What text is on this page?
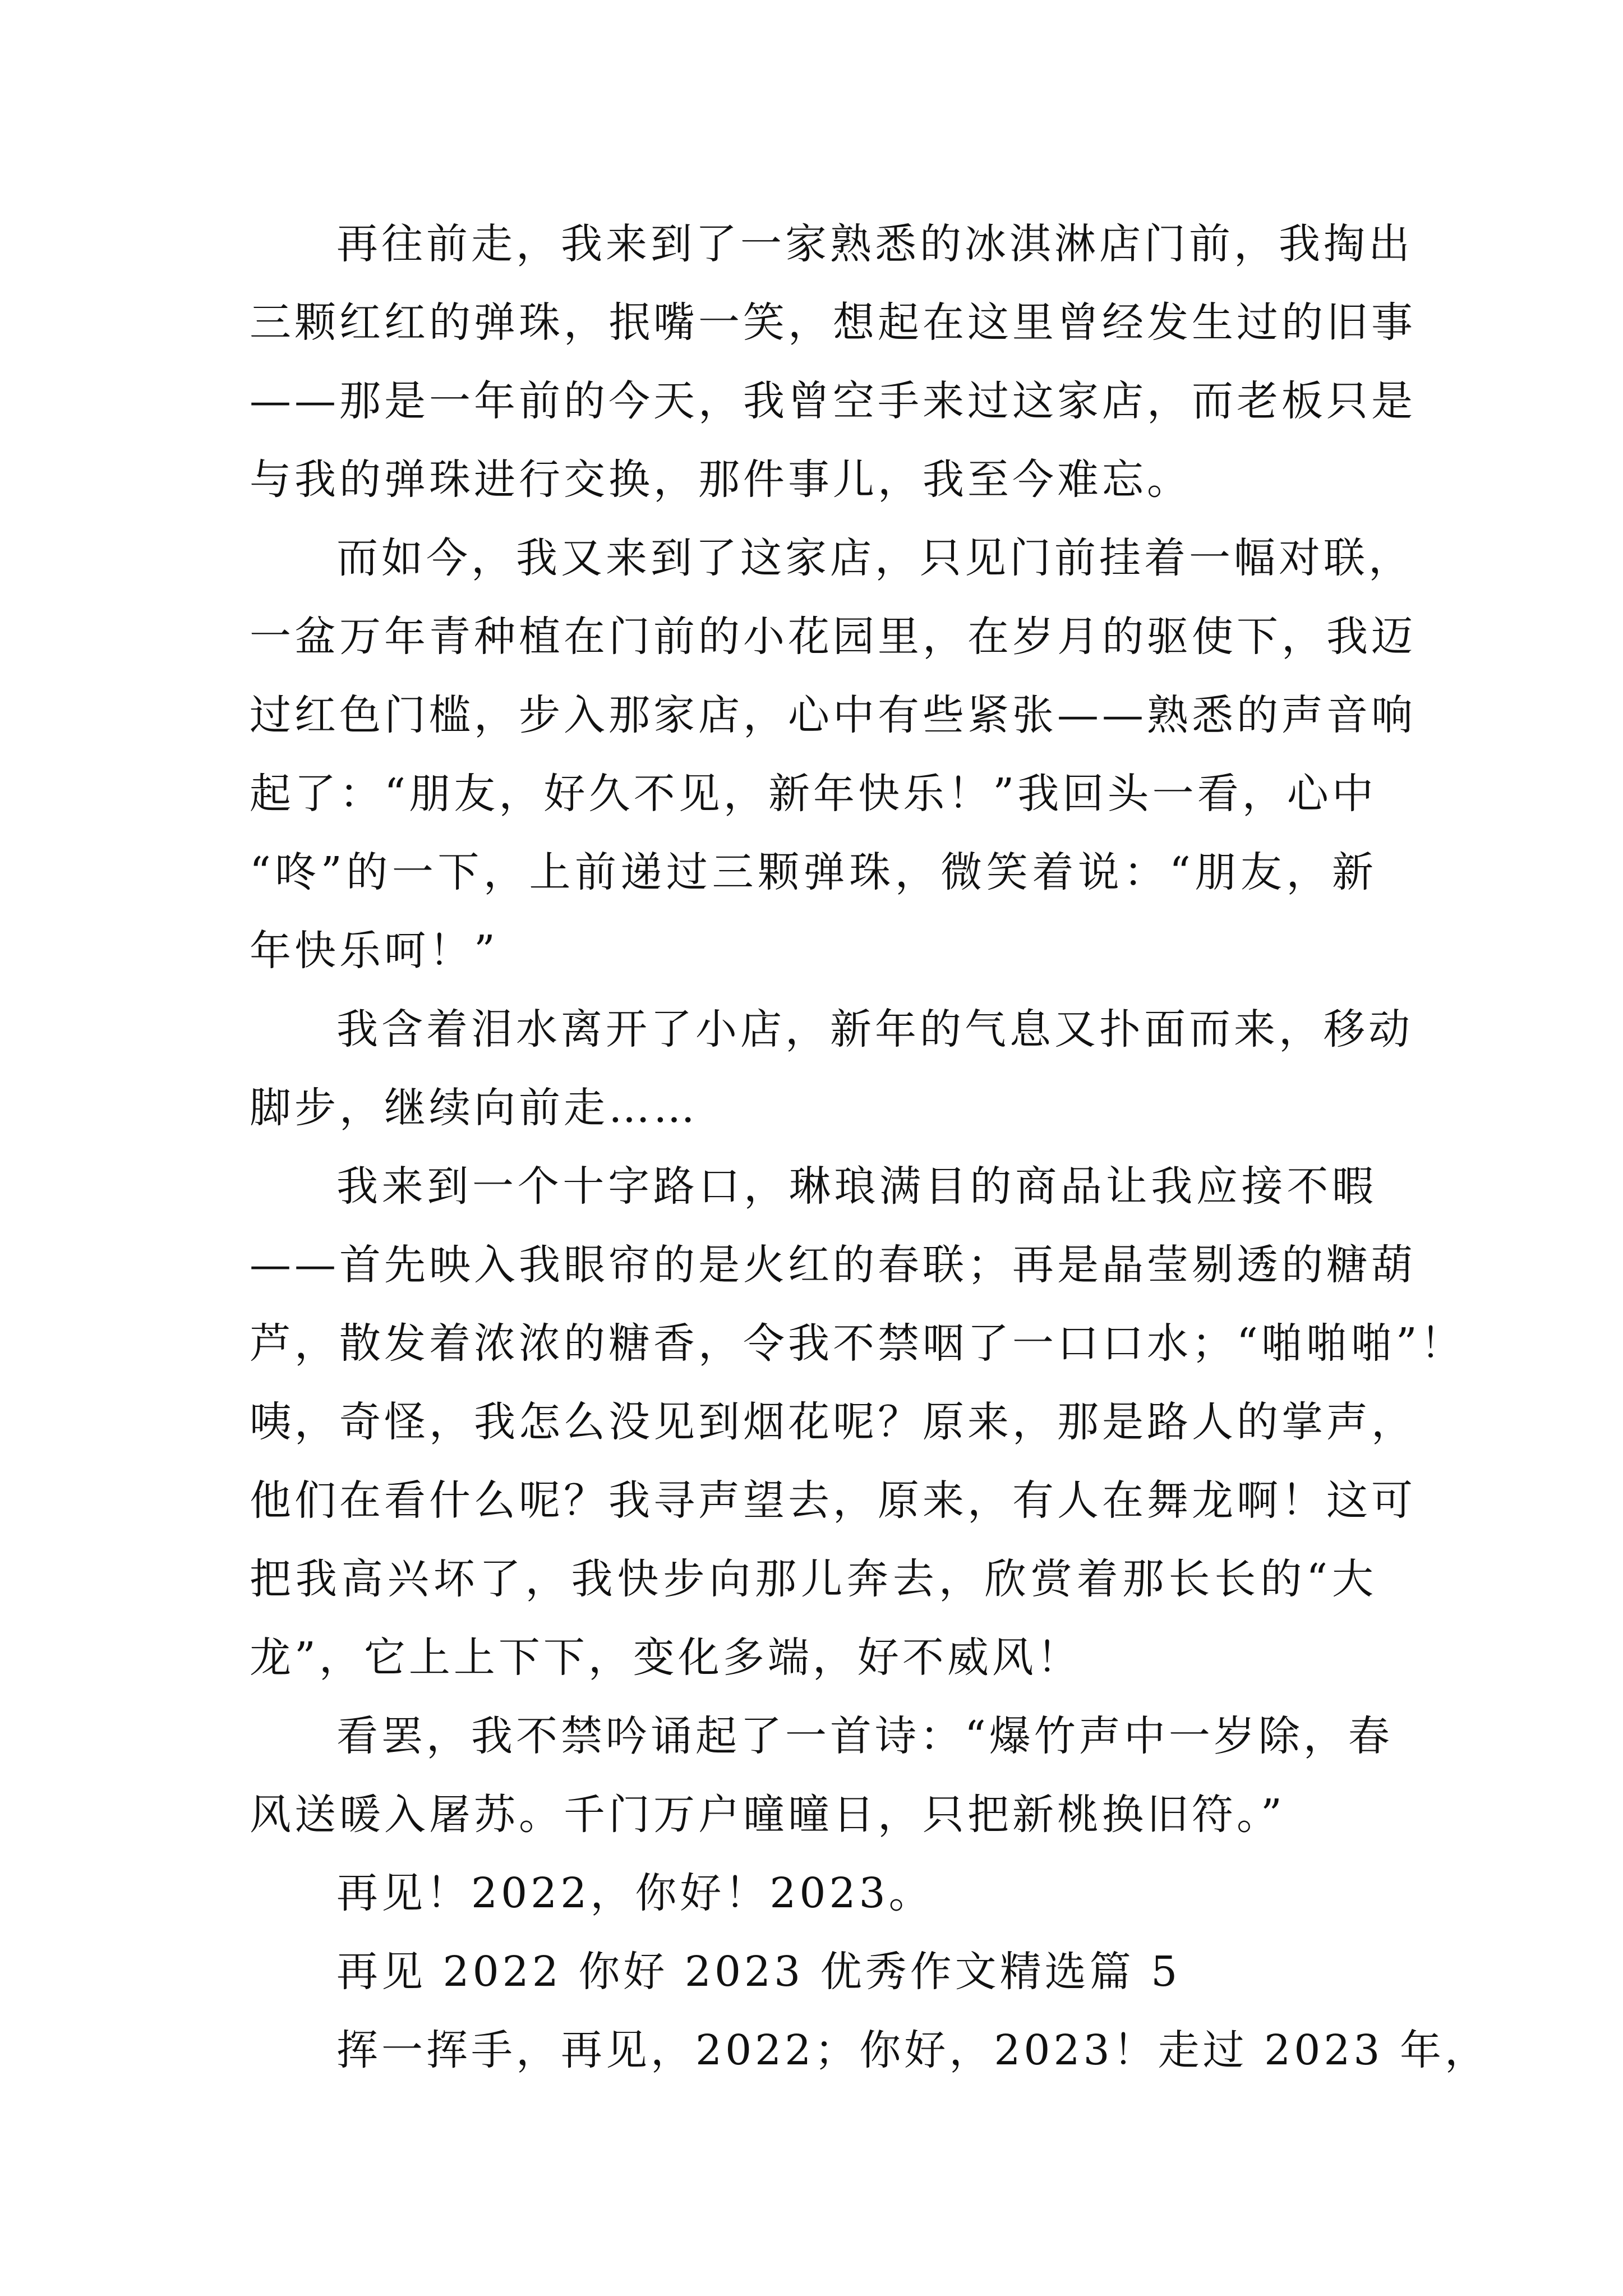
再往前走，我来到了一家熟悉的冰淇淋店门前，我掏出
三颗红红的弹珠，抿嘴一笑，想起在这里曾经发生过的旧事
——那是一年前的今天，我曾空手来过这家店，而老板只是
与我的弹珠进行交换，那件事儿，我至今难忘。
而如今，我又来到了这家店，只见门前挂着一幅对联，
一盆万年青种植在门前的小花园里，在岁月的驱使下，我迈
过红色门槛，步入那家店，心中有些紧张——熟悉的声音响
起了：“朋友，好久不见，新年快乐！”我回头一看，心中
“咚”的一下，上前递过三颗弹珠，微笑着说：“朋友，新
年快乐呵！”
我含着泪水离开了小店，新年的气息又扑面而来，移动
脚步，继续向前走……
我来到一个十字路口，琳琅满目的商品让我应接不暇
——首先映入我眼帘的是火红的春联；再是晶莹剔透的糖葫
芦，散发着浓浓的糖香，令我不禁咽了一口口水；“啪啪啪”！
咦，奇怪，我怎么没见到烟花呢？原来，那是路人的掌声，
他们在看什么呢？我寻声望去，原来，有人在舞龙啊！这可
把我高兴坏了，我快步向那儿奔去，欣赏着那长长的“大
龙”，它上上下下，变化多端，好不威风！
看罢，我不禁吟诵起了一首诗：“爆竹声中一岁除，春
风送暖入屠苏。千门万户曈曈日，只把新桃换旧符。”
再见！2022，你好！2023。
再见 2022 你好 2023 优秀作文精选篇 5
挥一挥手，再见，2022；你好，2023！走过 2023 年，
